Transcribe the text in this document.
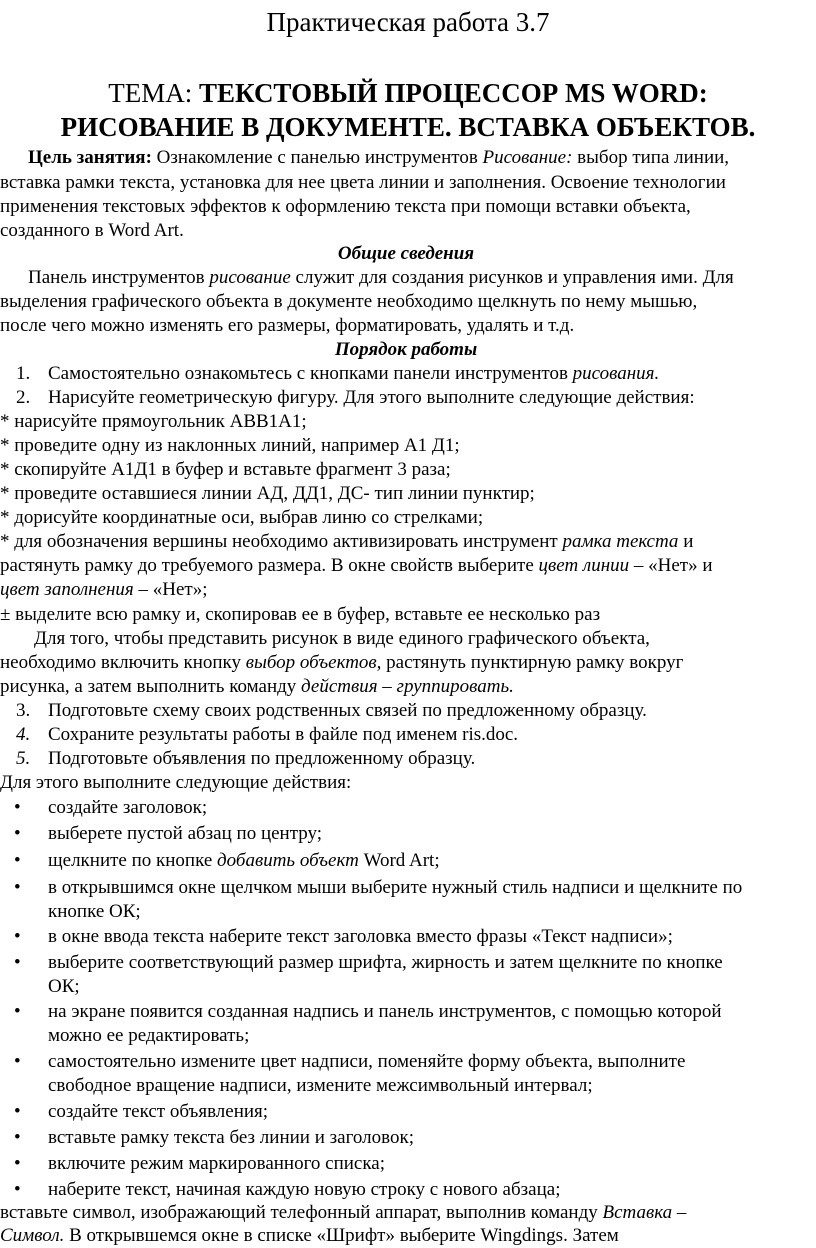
Практическая работа 3.7
ТЕМА: ТЕКСТОВЫЙ ПРОЦЕССОР MS WORD:
РИСОВАНИЕ В ДОКУМЕНТЕ. ВСТАВКА ОБЪЕКТОВ.
Цель занятия: Ознакомление с панелью инструментов Рисование: выбор типа линии,
вставка рамки текста, установка для нее цвета линии и заполнения. Освоение технологии
применения текстовых эффектов к оформлению текста при помощи вставки объекта,
созданного в Word Art.
Общие сведения
Панель инструментов рисование служит для создания рисунков и управления ими. Для
выделения графического объекта в документе необходимо щелкнуть по нему мышью,
после чего можно изменять его размеры, форматировать, удалять и т.д.
Порядок работы
1. Самостоятельно ознакомьтесь с кнопками панели инструментов рисования.
2. Нарисуйте геометрическую фигуру. Для этого выполните следующие действия:
* нарисуйте прямоугольник АВВ1А1;
* проведите одну из наклонных линий, например А1 Д1;
* скопируйте А1Д1 в буфер и вставьте фрагмент 3 раза;
* проведите оставшиеся линии АД, ДД1, ДС- тип линии пунктир;
* дорисуйте координатные оси, выбрав линю со стрелками;
* для обозначения вершины необходимо активизировать инструмент рамка текста и
растянуть рамку до требуемого размера. В окне свойств выберите цвет линии – «Нет» и
цвет заполнения – «Нет»;
± выделите всю рамку и, скопировав ее в буфер, вставьте ее несколько раз
Для того, чтобы представить рисунок в виде единого графического объекта,
необходимо включить кнопку выбор объектов, растянуть пунктирную рамку вокруг
рисунка, а затем выполнить команду действия – группировать.
3. Подготовьте схему своих родственных связей по предложенному образцу.
4. Сохраните результаты работы в файле под именем ris.doc.
5. Подготовьте объявления по предложенному образцу.
Для этого выполните следующие действия:
• создайте заголовок;
• выберете пустой абзац по центру;
• щелкните по кнопке добавить объект Word Art;
• в открывшимся окне щелчком мыши выберите нужный стиль надписи и щелкните по
кнопке ОК;
• в окне ввода текста наберите текст заголовка вместо фразы «Текст надписи»;
• выберите соответствующий размер шрифта, жирность и затем щелкните по кнопке
ОК;
• на экране появится созданная надпись и панель инструментов, с помощью которой
можно ее редактировать;
• самостоятельно измените цвет надписи, поменяйте форму объекта, выполните
свободное вращение надписи, измените межсимвольный интервал;
• создайте текст объявления;
• вставьте рамку текста без линии и заголовок;
• включите режим маркированного списка;
• наберите текст, начиная каждую новую строку с нового абзаца;
вставьте символ, изображающий телефонный аппарат, выполнив команду Вставка –
Символ. В открывшемся окне в списке «Шрифт» выберите Wingdings. Затем
